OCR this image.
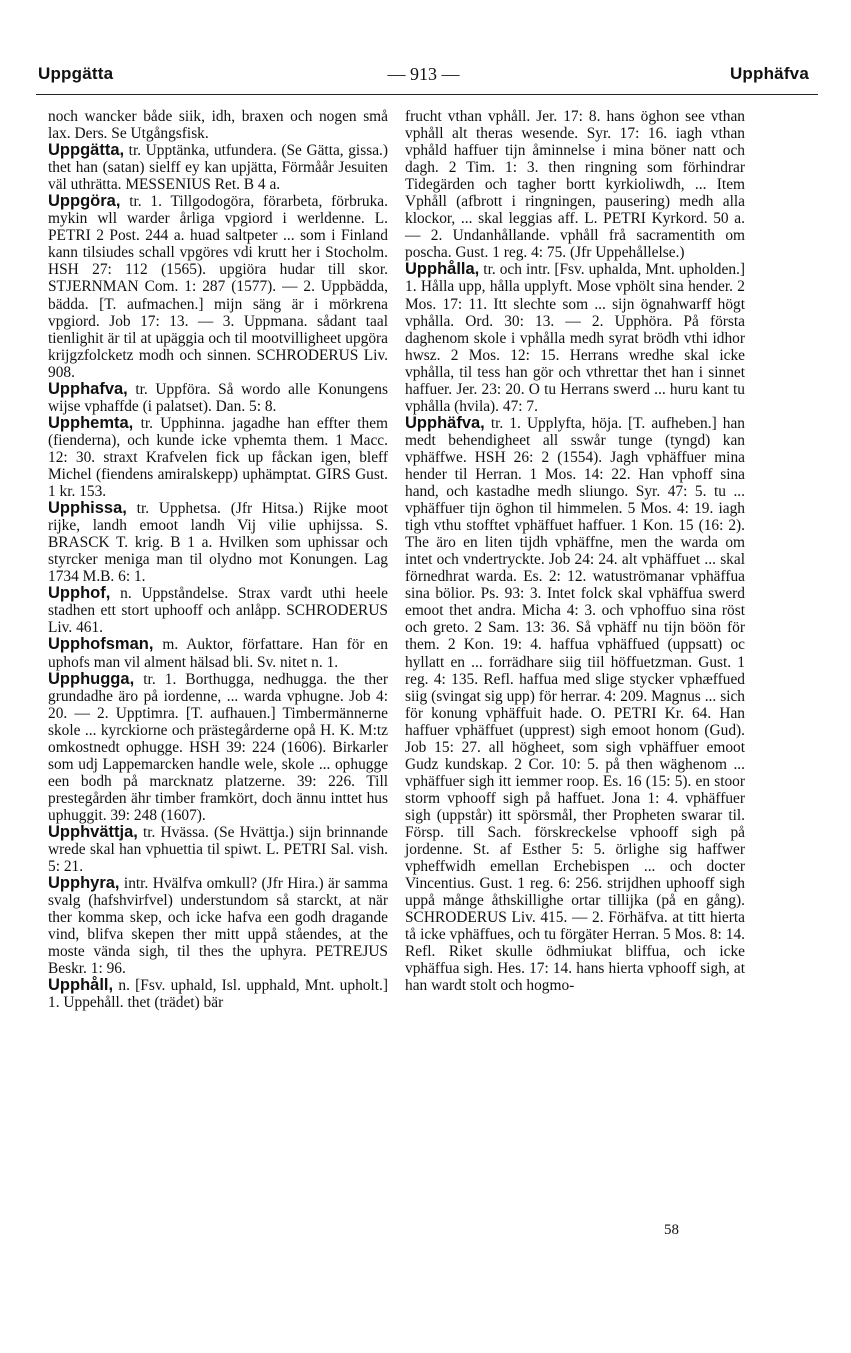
Uppgätta	— 913 —	Upphäfva

noch wancker både siik, idh, braxen och nogen små lax. Ders. Se Utgångsfisk.

Uppgätta, tr. Upptänka, utfundera. (Se Gätta, gissa.) thet han (satan) sielff ey kan upjätta, Förmåår Jesuiten väl uthrätta. MESSENIUS Ret. B 4 a.

Uppgöra, tr. 1. Tillgodogöra, förarbeta, förbruka. mykin wll warder årliga vpgiord i werldenne. L. PETRI 2 Post. 244 a. huad saltpeter ... som i Finland kann tilsiudes schall vpgöres vdi krutt her i Stocholm. HSH 27: 112 (1565). upgiöra hudar till skor. STJERNMAN Com. 1: 287 (1577). — 2. Uppbädda, bädda. [T. aufmachen.] mijn säng är i mörkrena vpgiord. Job 17: 13. — 3. Uppmana. sådant taal tienlighit är til at upäggia och til mootvilligheet upgöra krijgzfolcketz modh och sinnen. SCHRODERUS Liv. 908.

Upphafva, tr. Uppföra. Så wordo alle Konungens wijse vphaffde (i palatset). Dan. 5: 8.

Upphemta, tr. Upphinna. jagadhe han effter them (fienderna), och kunde icke vphemta them. 1 Macc. 12: 30. straxt Krafvelen fick up fåckan igen, bleff Michel (fiendens amiralskepp) uphämptat. GIRS Gust. 1 kr. 153.

Upphissa, tr. Upphetsa. (Jfr Hitsa.) Rijke moot rijke, landh emoot landh Vij vilie uphijssa. S. BRASCK T. krig. B 1 a. Hvilken som uphissar och styrcker meniga man til olydno mot Konungen. Lag 1734 M.B. 6: 1.

Upphof, n. Uppståndelse. Strax vardt uthi heele stadhen ett stort uphooff och anlåpp. SCHRODERUS Liv. 461.

Upphofsman, m. Auktor, författare. Han för en uphofs man vil alment hälsad bli. Sv. nitet n. 1.

Upphugga, tr. 1. Borthugga, nedhugga. the ther grundadhe äro på iordenne, ... warda vphugne. Job 4: 20. — 2. Upptimra. [T. aufhauen.] Timbermännerne skole ... kyrckiorne och prästegårderne opå H. K. M:tz omkostnedt ophugge. HSH 39: 224 (1606). Birkarler som udj Lappemarcken handle wele, skole ... ophugge een bodh på marcknatz platzerne. 39: 226. Till prestegården ähr timber framkört, doch ännu inttet hus uphuggit. 39: 248 (1607).

Upphvättja, tr. Hvässa. (Se Hvättja.) sijn brinnande wrede skal han vphuettia til spiwt. L. PETRI Sal. vish. 5: 21.

Upphyra, intr. Hvälfva omkull? (Jfr Hira.) är samma svalg (hafshvirfvel) understundom så starckt, at när ther komma skep, och icke hafva een godh dragande vind, blifva skepen ther mitt uppå ståendes, at the moste vända sigh, til thes the uphyra. PETREJUS Beskr. 1: 96.

Upphåll, n. [Fsv. uphald, Isl. upphald, Mnt. upholt.] 1. Uppehåll. thet (trädet) bär

frucht vthan vphåll. Jer. 17: 8. hans öghon see vthan vphåll alt theras wesende. Syr. 17: 16. iagh vthan vphåld haffuer tijn åminnelse i mina böner natt och dagh. 2 Tim. 1: 3. then ringning som förhindrar Tidegärden och tagher bortt kyrkioliwdh, ... Item Vphåll (afbrott i ringningen, pausering) medh alla klockor, ... skal leggias aff. L. PETRI Kyrkord. 50 a. — 2. Undanhållande. vphåll frå sacramentith om poscha. Gust. 1 reg. 4: 75. (Jfr Uppehållelse.)

Upphålla, tr. och intr. [Fsv. uphalda, Mnt. upholden.] 1. Hålla upp, hålla upplyft. Mose vphölt sina hender. 2 Mos. 17: 11. Itt slechte som ... sijn ögnahwarff högt vphålla. Ord. 30: 13. — 2. Upphöra. På första daghenom skole i vphålla medh syrat brödh vthi idhor hwsz. 2 Mos. 12: 15. Herrans wredhe skal icke vphålla, til tess han gör och vthrettar thet han i sinnet haffuer. Jer. 23: 20. O tu Herrans swerd ... huru kant tu vphålla (hvila). 47: 7.

Upphäfva, tr. 1. Upplyfta, höja. [T. aufheben.] han medt behendigheet all sswår tunge (tyngd) kan vphäffwe. HSH 26: 2 (1554). Jagh vphäffuer mina hender til Herran. 1 Mos. 14: 22. Han vphoff sina hand, och kastadhe medh sliungo. Syr. 47: 5. tu ... vphäffuer tijn öghon til himmelen. 5 Mos. 4: 19. iagh tigh vthu stofftet vphäffuet haffuer. 1 Kon. 15 (16: 2). The äro en liten tijdh vphäffne, men the warda om intet och vndertryckte. Job 24: 24. alt vphäffuet ... skal förnedhrat warda. Es. 2: 12. watuströmanar vphäffua sina bölior. Ps. 93: 3. Intet folck skal vphäffua swerd emoot thet andra. Micha 4: 3. och vphoffuo sina röst och greto. 2 Sam. 13: 36. Så vphäff nu tijn böön för them. 2 Kon. 19: 4. haffua vphäffued (uppsatt) oc hyllatt en ... forrädhare siig tiil höffuetzman. Gust. 1 reg. 4: 135. Refl. haffua med slige stycker vphæffued siig (svingat sig upp) för herrar. 4: 209. Magnus ... sich för konung vphäffuit hade. O. PETRI Kr. 64. Han haffuer vphäffuet (upprest) sigh emoot honom (Gud). Job 15: 27. all högheet, som sigh vphäffuer emoot Gudz kundskap. 2 Cor. 10: 5. på then wäghenom ... vphäffuer sigh itt iemmer roop. Es. 16 (15: 5). en stoor storm vphooff sigh på haffuet. Jona 1: 4. vphäffuer sigh (uppstår) itt spörsmål, ther Propheten swarar til. Försp. till Sach. förskreckelse vphooff sigh på jordenne. St. af Esther 5: 5. örlighe sig haffwer vpheffwidh emellan Erchebispen ... och docter Vincentius. Gust. 1 reg. 6: 256. strijdhen uphooff sigh uppå månge åthskillighe ortar tillijka (på en gång). SCHRODERUS Liv. 415. — 2. Förhäfva. at titt hierta tå icke vphäffues, och tu förgäter Herran. 5 Mos. 8: 14. Refl. Riket skulle ödhmiukat bliffua, och icke vphäffua sigh. Hes. 17: 14. hans hierta vphooff sigh, at han wardt stolt och hogmo-

58
